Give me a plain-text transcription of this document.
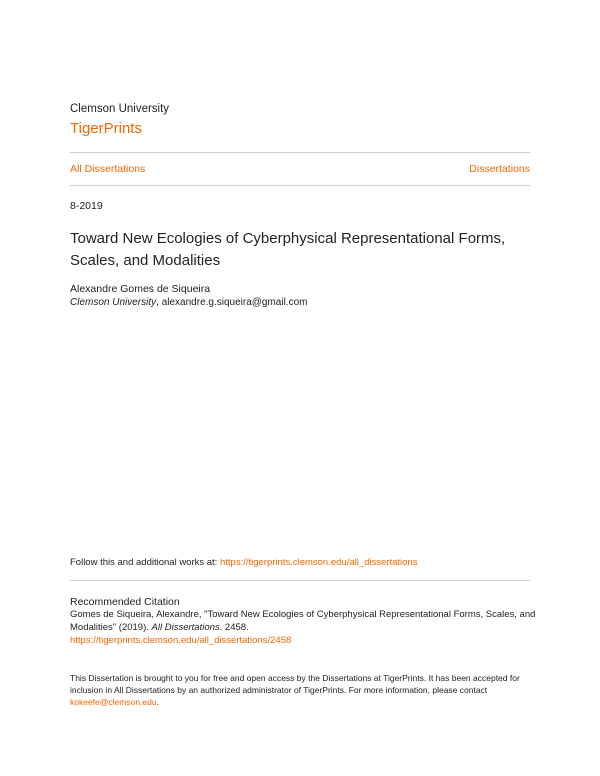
Clemson University
TigerPrints
All Dissertations	Dissertations
8-2019
Toward New Ecologies of Cyberphysical Representational Forms, Scales, and Modalities
Alexandre Gomes de Siqueira
Clemson University, alexandre.g.siqueira@gmail.com
Follow this and additional works at: https://tigerprints.clemson.edu/all_dissertations
Recommended Citation
Gomes de Siqueira, Alexandre, "Toward New Ecologies of Cyberphysical Representational Forms, Scales, and Modalities" (2019). All Dissertations. 2458.
https://tigerprints.clemson.edu/all_dissertations/2458
This Dissertation is brought to you for free and open access by the Dissertations at TigerPrints. It has been accepted for inclusion in All Dissertations by an authorized administrator of TigerPrints. For more information, please contact kokeefe@clemson.edu.
